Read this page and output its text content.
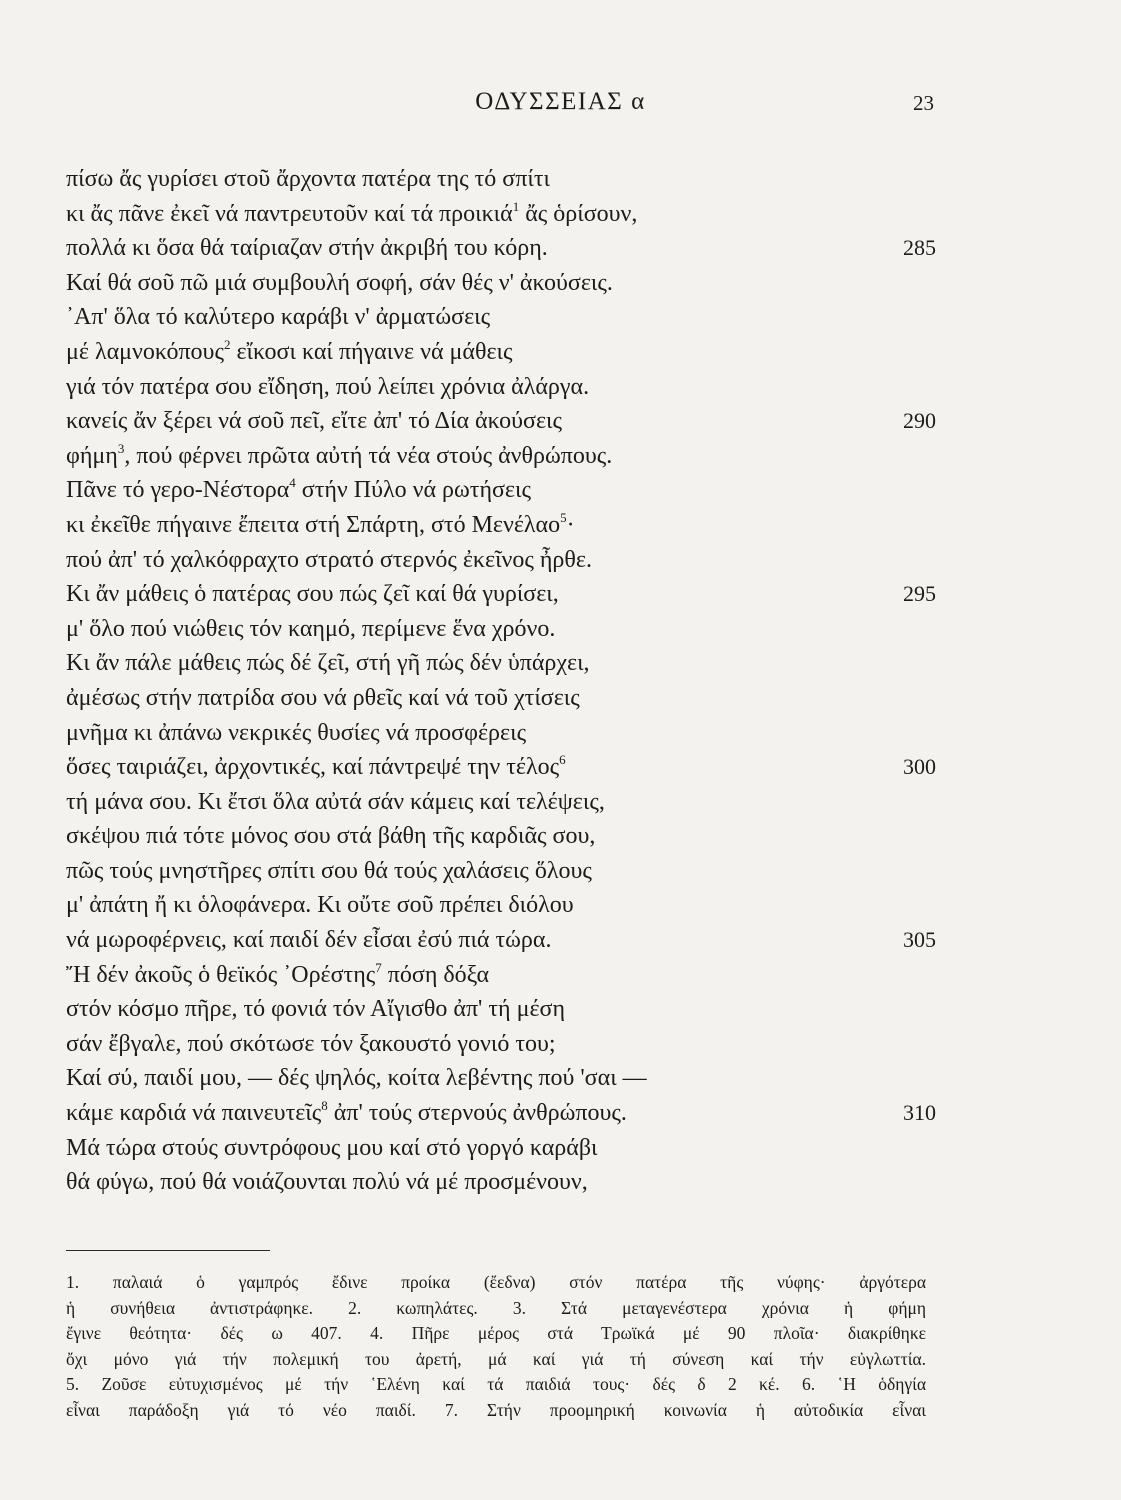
ΟΔΥΣΣΕΙΑΣ α	23
πίσω ἄς γυρίσει στοῦ ἄρχοντα πατέρα της τό σπίτι
κι ἄς πᾶνε ἐκεῖ νά παντρευτοῦν καί τά προικιά$^1$ ἄς ὁρίσουν,
πολλά κι ὅσα θά ταίριαζαν στήν ἀκριβή του κόρη.	285
Καί θά σοῦ πῶ μιά συμβουλή σοφή, σάν θές ν' ἀκούσεις.
᾿Απ' ὅλα τό καλύτερο καράβι ν' ἀρματώσεις
μέ λαμνοκόπους$^2$ εἴκοσι καί πήγαινε νά μάθεις
γιά τόν πατέρα σου εἴδηση, πού λείπει χρόνια ἀλάργα.
κανείς ἄν ξέρει νά σοῦ πεῖ, εἴτε ἀπ' τό Δία ἀκούσεις	290
φήμη$^3$, πού φέρνει πρῶτα αὐτή τά νέα στούς ἀνθρώπους.
Πᾶνε τό γερο-Νέστορα$^4$ στήν Πύλο νά ρωτήσεις
κι ἐκεῖθε πήγαινε ἔπειτα στή Σπάρτη, στό Μενέλαο$^5$·
πού ἀπ' τό χαλκόφραχτο στρατό στερνός ἐκεῖνος ἦρθε.
Κι ἄν μάθεις ὁ πατέρας σου πώς ζεῖ καί θά γυρίσει,	295
μ' ὅλο πού νιώθεις τόν καημό, περίμενε ἕνα χρόνο.
Κι ἄν πάλε μάθεις πώς δέ ζεῖ, στή γῆ πώς δέν ὑπάρχει,
ἀμέσως στήν πατρίδα σου νά ρθεῖς καί νά τοῦ χτίσεις
μνῆμα κι ἀπάνω νεκρικές θυσίες νά προσφέρεις
ὅσες ταιριάζει, ἀρχοντικές, καί πάντρεψέ την τέλος$^6$	300
τή μάνα σου. Κι ἔτσι ὅλα αὐτά σάν κάμεις καί τελέψεις,
σκέψου πιά τότε μόνος σου στά βάθη τῆς καρδιᾶς σου,
πῶς τούς μνηστῆρες σπίτι σου θά τούς χαλάσεις ὅλους
μ' ἀπάτη ἤ κι ὁλοφάνερα. Κι οὔτε σοῦ πρέπει διόλου
νά μωροφέρνεις, καί παιδί δέν εἶσαι ἐσύ πιά τώρα.	305
Ἤ δέν ἀκοῦς ὁ θεϊκός ᾿Ορέστης$^7$ πόση δόξα
στόν κόσμο πῆρε, τό φονιά τόν Αἴγισθο ἀπ' τή μέση
σάν ἔβγαλε, πού σκότωσε τόν ξακουστό γονιό του;
Καί σύ, παιδί μου, — δές ψηλός, κοίτα λεβέντης πού 'σαι —
κάμε καρδιά νά παινευτεῖς$^8$ ἀπ' τούς στερνούς ἀνθρώπους.	310
Μά τώρα στούς συντρόφους μου καί στό γοργό καράβι
θά φύγω, πού θά νοιάζουνται πολύ νά μέ προσμένουν,
1. παλαιά ὁ γαμπρός ἔδινε προίκα (ἔεδνα) στόν πατέρα τῆς νύφης· ἀργότερα
ἡ συνήθεια ἀντιστράφηκε. 2. κωπηλάτες. 3. Στά μεταγενέστερα χρόνια ἡ φήμη
ἔγινε θεότητα· δές ω 407. 4. Πῆρε μέρος στά Τρωϊκά μέ 90 πλοῖα· διακρίθηκε
ὄχι μόνο γιά τήν πολεμική του ἀρετή, μά καί γιά τή σύνεση καί τήν εὐγλωττία.
5. Ζοῦσε εὐτυχισμένος μέ τήν ῾Ελένη καί τά παιδιά τους· δές δ 2 κέ. 6. ῾Η ὁδηγία
εἶναι παράδοξη γιά τό νέο παιδί. 7. Στήν προομηρική κοινωνία ἡ αὐτοδικία εἶναι
